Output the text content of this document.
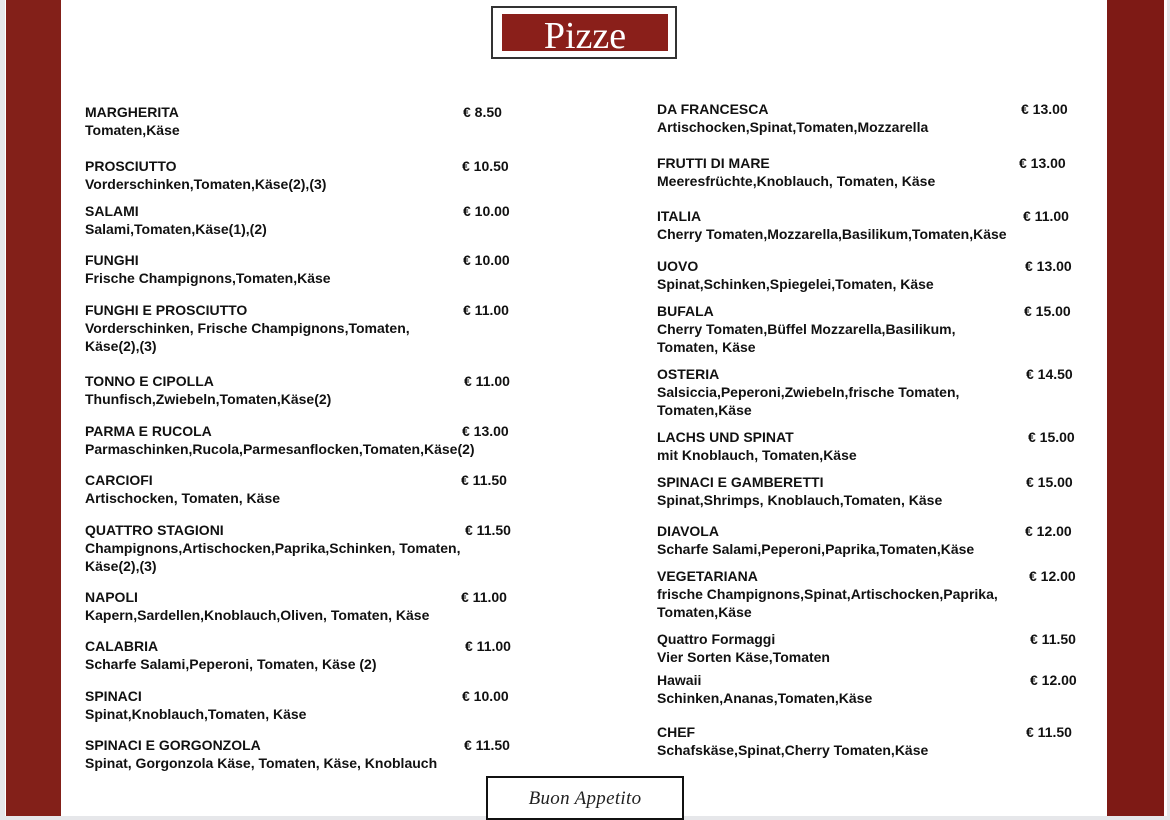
Pizze
MARGHERITA
Tomaten,Käse
€ 8.50
PROSCIUTTO
Vorderschinken,Tomaten,Käse(2),(3)
€ 10.50
SALAMI
Salami,Tomaten,Käse(1),(2)
€ 10.00
FUNGHI
Frische Champignons,Tomaten,Käse
€ 10.00
FUNGHI E PROSCIUTTO
Vorderschinken, Frische Champignons,Tomaten,
Käse(2),(3)
€ 11.00
TONNO E CIPOLLA
Thunfisch,Zwiebeln,Tomaten,Käse(2)
€ 11.00
PARMA E RUCOLA
Parmaschinken,Rucola,Parmesanflocken,Tomaten,Käse(2)
€ 13.00
CARCIOFI
Artischocken, Tomaten, Käse
€ 11.50
QUATTRO STAGIONI
Champignons,Artischocken,Paprika,Schinken, Tomaten,
Käse(2),(3)
€ 11.50
NAPOLI
Kapern,Sardellen,Knoblauch,Oliven, Tomaten, Käse
€ 11.00
CALABRIA
Scharfe Salami,Peperoni, Tomaten, Käse (2)
€ 11.00
SPINACI
Spinat,Knoblauch,Tomaten, Käse
€ 10.00
SPINACI E GORGONZOLA
Spinat, Gorgonzola Käse, Tomaten, Käse, Knoblauch
€ 11.50
DA FRANCESCA
Artischocken,Spinat,Tomaten,Mozzarella
€ 13.00
FRUTTI DI MARE
Meeresfrüchte,Knoblauch, Tomaten, Käse
€ 13.00
ITALIA
Cherry Tomaten,Mozzarella,Basilikum,Tomaten,Käse
€ 11.00
UOVO
Spinat,Schinken,Spiegelei,Tomaten, Käse
€ 13.00
BUFALA
Cherry Tomaten,Büffel Mozzarella,Basilikum,
Tomaten, Käse
€ 15.00
OSTERIA
Salsiccia,Peperoni,Zwiebeln,frische Tomaten,
Tomaten,Käse
€ 14.50
LACHS UND SPINAT
mit Knoblauch, Tomaten,Käse
€ 15.00
SPINACI E GAMBERETTI
Spinat,Shrimps, Knoblauch,Tomaten, Käse
€ 15.00
DIAVOLA
Scharfe Salami,Peperoni,Paprika,Tomaten,Käse
€ 12.00
VEGETARIANA
frische Champignons,Spinat,Artischocken,Paprika,
Tomaten,Käse
€ 12.00
Quattro Formaggi
Vier Sorten Käse,Tomaten
€ 11.50
Hawaii
Schinken,Ananas,Tomaten,Käse
€ 12.00
CHEF
Schafskäse,Spinat,Cherry Tomaten,Käse
€ 11.50
Buon Appetito
